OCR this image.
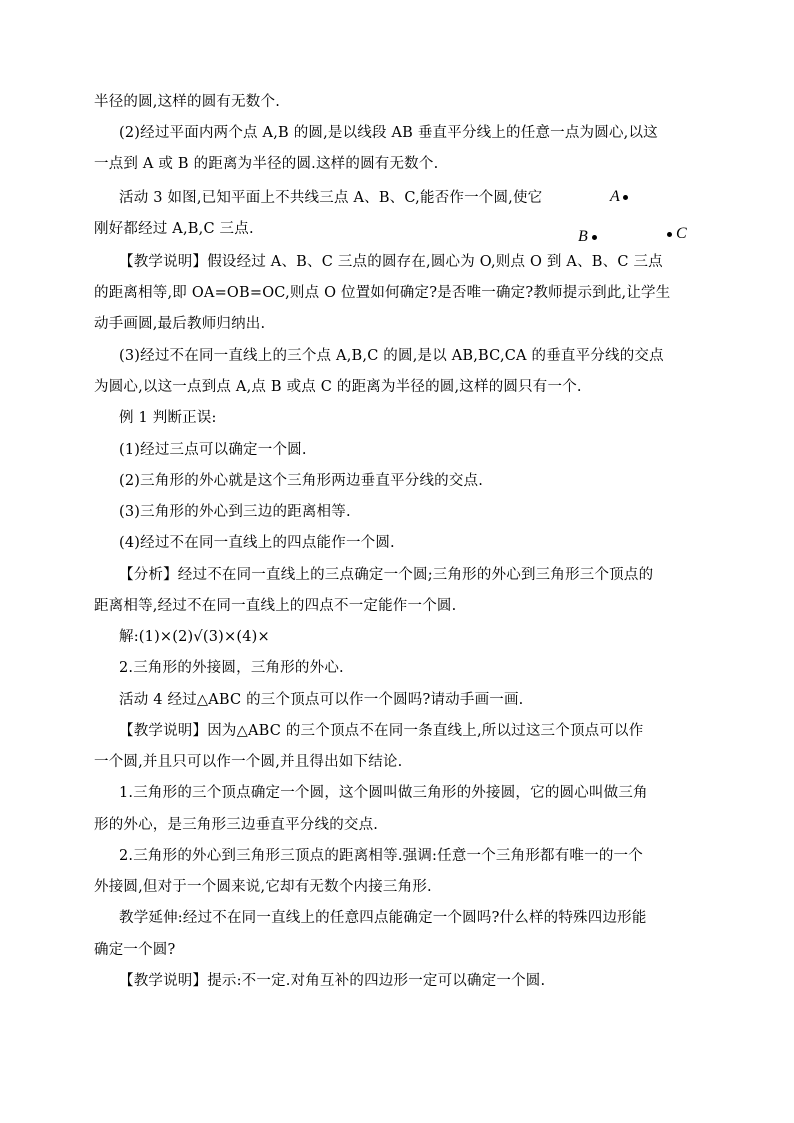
半径的圆,这样的圆有无数个.
(2)经过平面内两个点 A,B 的圆,是以线段 AB 垂直平分线上的任意一点为圆心,以这
一点到 A 或 B 的距离为半径的圆.这样的圆有无数个.
活动 3 如图,已知平面上不共线三点 A、B、C,能否作一个圆,使它
刚好都经过 A,B,C 三点.
A
B	C
【教学说明】假设经过 A、B、C 三点的圆存在,圆心为 O,则点 O 到 A、B、C 三点
的距离相等,即 OA=OB=OC,则点 O 位置如何确定?是否唯一确定?教师提示到此,让学生
动手画圆,最后教师归纳出.
(3)经过不在同一直线上的三个点 A,B,C 的圆,是以 AB,BC,CA 的垂直平分线的交点
为圆心,以这一点到点 A,点 B 或点 C 的距离为半径的圆,这样的圆只有一个.
例 1 判断正误:
(1)经过三点可以确定一个圆.
(2)三角形的外心就是这个三角形两边垂直平分线的交点.
(3)三角形的外心到三边的距离相等.
(4)经过不在同一直线上的四点能作一个圆.
【分析】经过不在同一直线上的三点确定一个圆;三角形的外心到三角形三个顶点的
距离相等,经过不在同一直线上的四点不一定能作一个圆.
解:(1)×(2)√(3)×(4)×
2.三角形的外接圆，三角形的外心.
活动 4 经过△ABC 的三个顶点可以作一个圆吗?请动手画一画.
【教学说明】因为△ABC 的三个顶点不在同一条直线上,所以过这三个顶点可以作
一个圆,并且只可以作一个圆,并且得出如下结论.
1.三角形的三个顶点确定一个圆，这个圆叫做三角形的外接圆，它的圆心叫做三角
形的外心，是三角形三边垂直平分线的交点.
2.三角形的外心到三角形三顶点的距离相等.强调:任意一个三角形都有唯一的一个
外接圆,但对于一个圆来说,它却有无数个内接三角形.
教学延伸:经过不在同一直线上的任意四点能确定一个圆吗?什么样的特殊四边形能
确定一个圆?
【教学说明】提示:不一定.对角互补的四边形一定可以确定一个圆.
